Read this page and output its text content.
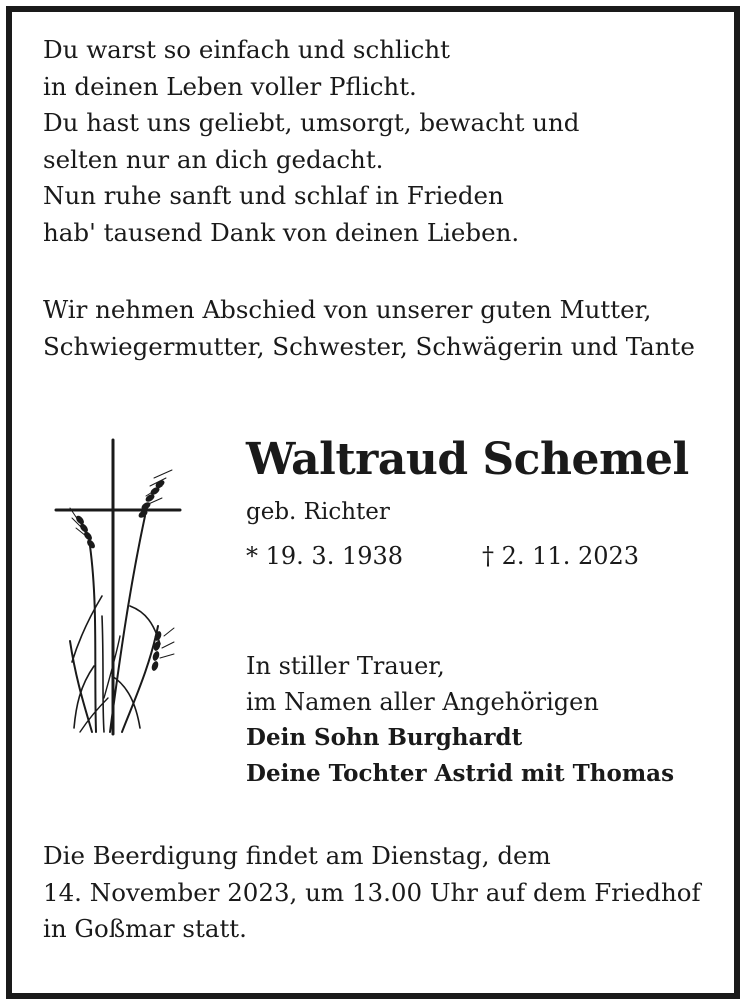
Du warst so einfach und schlicht
in deinen Leben voller Pflicht.
Du hast uns geliebt, umsorgt, bewacht und
selten nur an dich gedacht.
Nun ruhe sanft und schlaf in Frieden
hab' tausend Dank von deinen Lieben.
Wir nehmen Abschied von unserer guten Mutter,
Schwiegermutter, Schwester, Schwägerin und Tante
Waltraud Schemel
geb. Richter
* 19. 3. 1938	† 2. 11. 2023
In stiller Trauer,
im Namen aller Angehörigen
Dein Sohn Burghardt
Deine Tochter Astrid mit Thomas
Die Beerdigung findet am Dienstag, dem
14. November 2023, um 13.00 Uhr auf dem Friedhof
in Goßmar statt.
